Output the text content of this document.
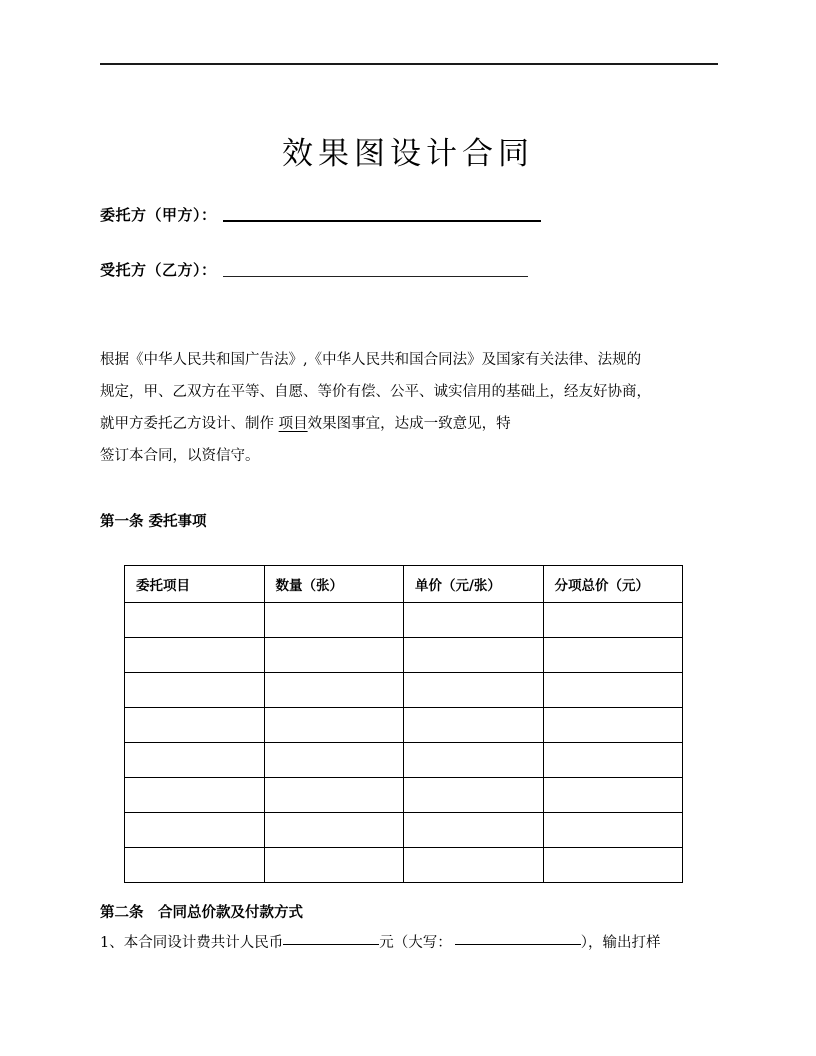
效果图设计合同
委托方（甲方）：
受托方（乙方）：
根据《中华人民共和国广告法》,《中华人民共和国合同法》及国家有关法律、法规的
规定，甲、乙双方在平等、自愿、等价有偿、公平、诚实信用的基础上，经友好协商，
就甲方委托乙方设计、制作 项目效果图事宜，达成一致意见，特
签订本合同，以资信守。
第一条 委托事项
委托项目	数量（张）	单价（元/张）	分项总价（元）

第二条　合同总价款及付款方式
1、本合同设计费共计人民币	元（大写：	），输出打样
